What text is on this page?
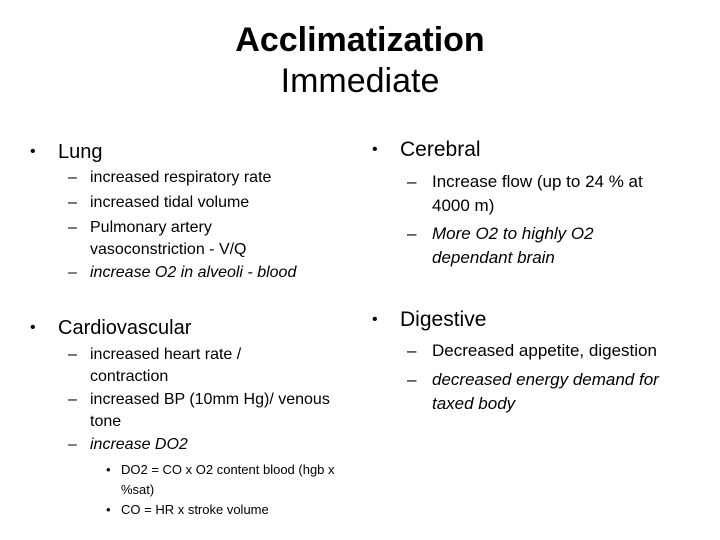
Acclimatization
Immediate
• Lung
– increased respiratory rate
– increased tidal volume
– Pulmonary artery vasoconstriction - V/Q
– increase O2 in alveoli - blood
• Cardiovascular
– increased heart rate / contraction
– increased BP (10mm Hg)/ venous tone
– increase DO2
• DO2 = CO x O2 content blood (hgb x %sat)
• CO = HR x stroke volume
• Cerebral
– Increase flow (up to 24 % at 4000 m)
– More O2 to highly O2 dependant brain
• Digestive
– Decreased appetite, digestion
– decreased energy demand for taxed body
